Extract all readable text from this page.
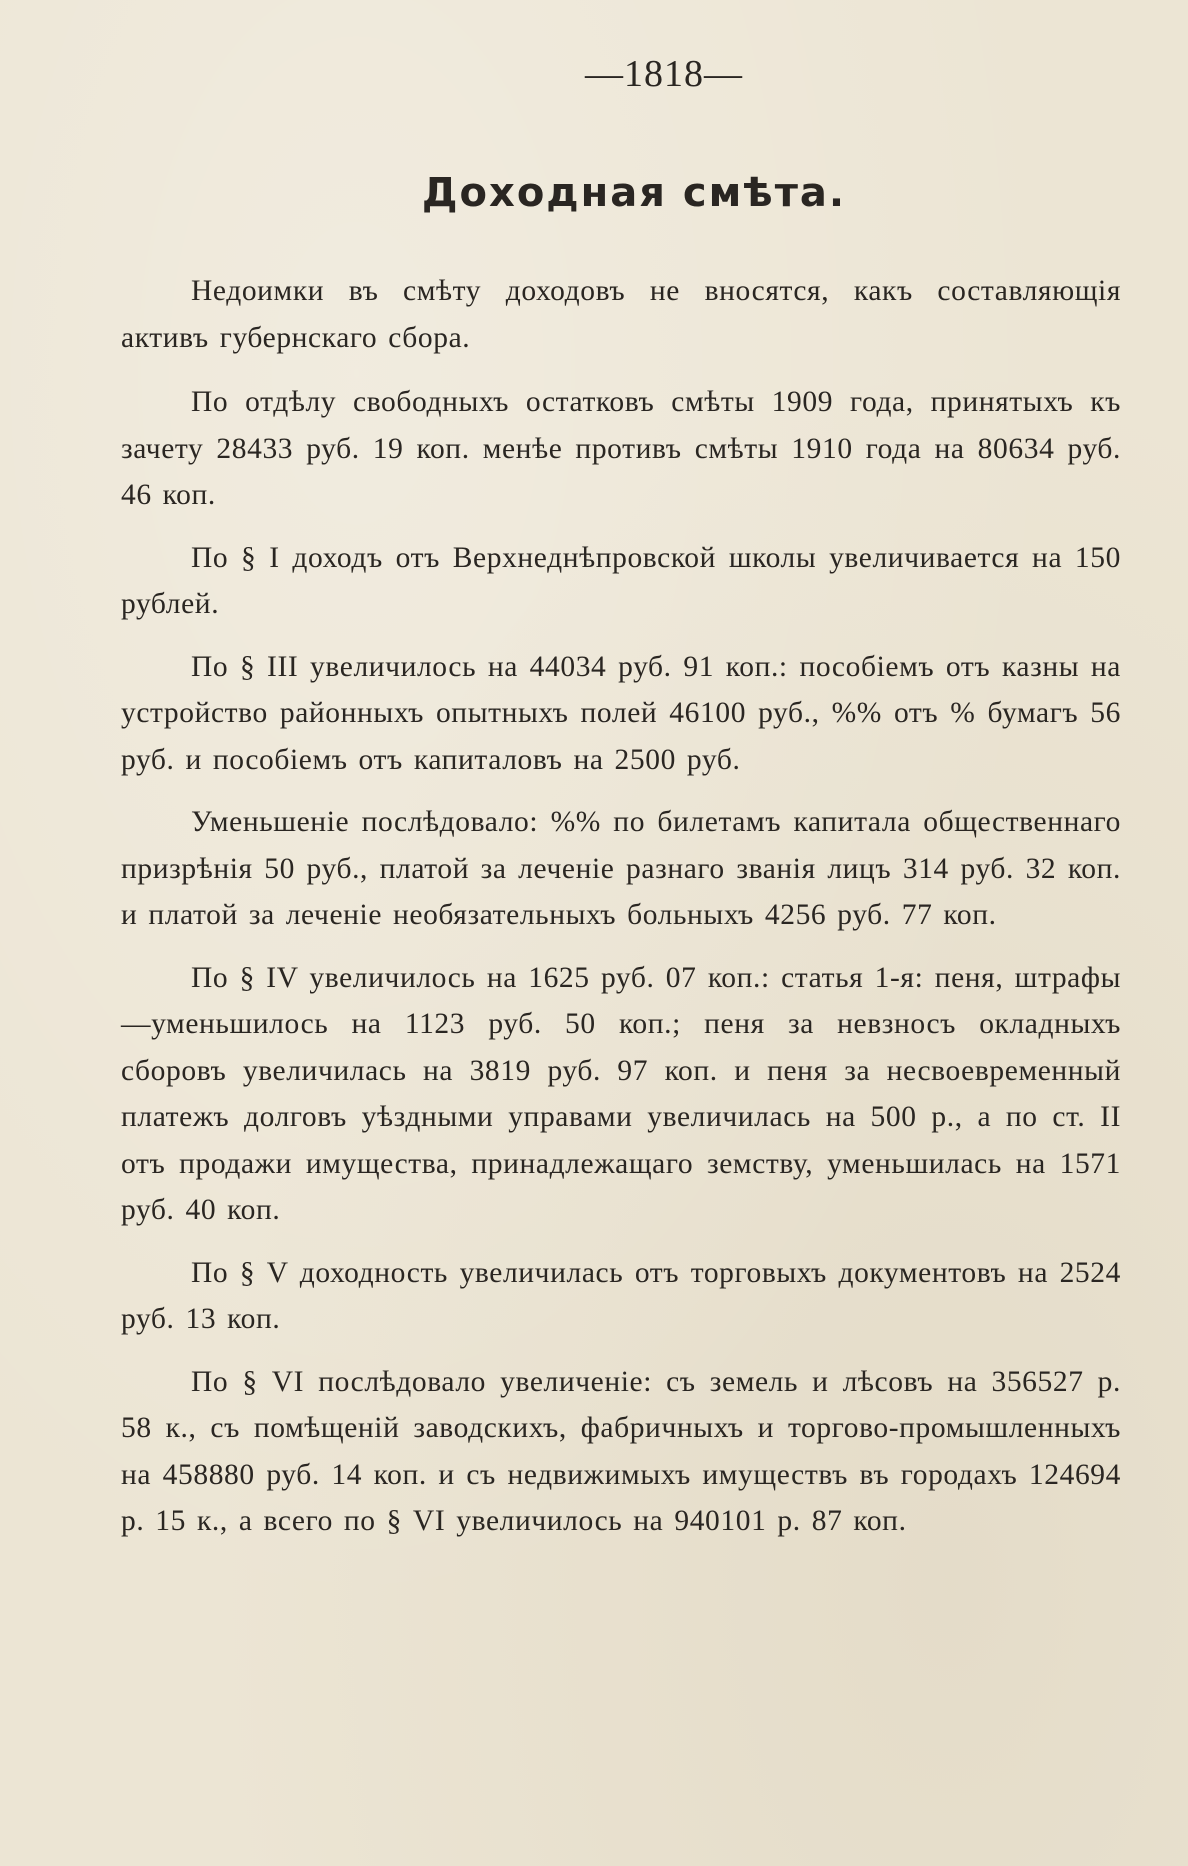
—1818—
Доходная смѣта.

Недоимки въ смѣту доходовъ не вносятся, какъ составляющія активъ губернскаго сбора.

По отдѣлу свободныхъ остатковъ смѣты 1909 года, принятыхъ къ зачету 28433 руб. 19 коп. менѣе противъ смѣты 1910 года на 80634 руб. 46 коп.

По § I доходъ отъ Верхнеднѣпровской школы увеличивается на 150 рублей.

По § III увеличилось на 44034 руб. 91 коп.: пособіемъ отъ казны на устройство районныхъ опытныхъ полей 46100 руб., %% отъ % бумагъ 56 руб. и пособіемъ отъ капиталовъ на 2500 руб.

Уменьшеніе послѣдовало: %% по билетамъ капитала общественнаго призрѣнія 50 руб., платой за леченіе разнаго званія лицъ 314 руб. 32 коп. и платой за леченіе необязательныхъ больныхъ 4256 руб. 77 коп.

По § IV увеличилось на 1625 руб. 07 коп.: статья 1-я: пеня, штрафы—уменьшилось на 1123 руб. 50 коп.; пеня за невзносъ окладныхъ сборовъ увеличилась на 3819 руб. 97 коп. и пеня за несвоевременный платежъ долговъ уѣздными управами увеличилась на 500 р., а по ст. II отъ продажи имущества, принадлежащаго земству, уменьшилась на 1571 руб. 40 коп.

По § V доходность увеличилась отъ торговыхъ документовъ на 2524 руб. 13 коп.

По § VI послѣдовало увеличеніе: съ земель и лѣсовъ на 356527 р. 58 к., съ помѣщеній заводскихъ, фабричныхъ и торгово-промышленныхъ на 458880 руб. 14 коп. и съ недвижимыхъ имуществъ въ городахъ 124694 р. 15 к., а всего по § VI увеличилось на 940101 р. 87 коп.
